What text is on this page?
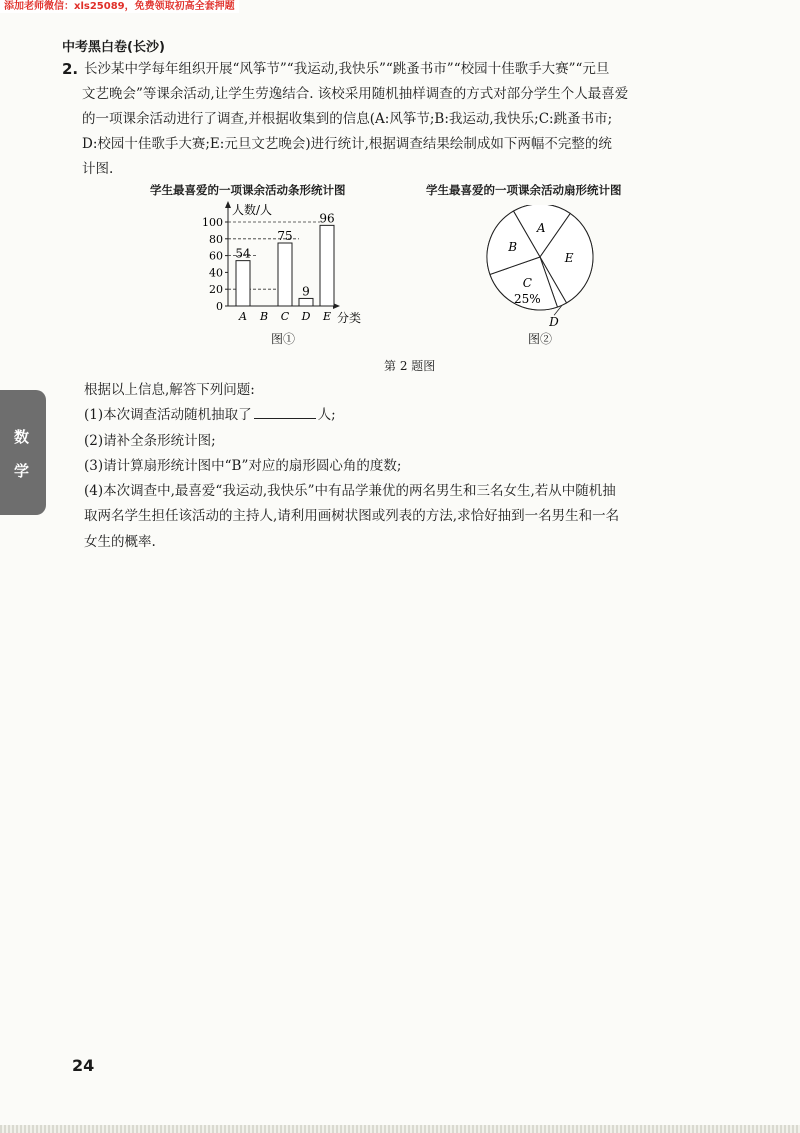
添加老师微信：xls25089，免费领取初高全套押题
中考黑白卷(长沙)
2. 长沙某中学每年组织开展“风筝节”“我运动,我快乐”“跳蚤书市”“校园十佳歌手大赛”“元旦
文艺晚会”等课余活动,让学生劳逸结合. 该校采用随机抽样调查的方式对部分学生个人最喜爱
的一项课余活动进行了调查,并根据收集到的信息(A:风筝节;B:我运动,我快乐;C:跳蚤书市;
D:校园十佳歌手大赛;E:元旦文艺晚会)进行统计,根据调查结果绘制成如下两幅不完整的统
计图.
学生最喜爱的一项课余活动条形统计图	学生最喜爱的一项课余活动扇形统计图
人数/人
分类
0
20
40
60
80
100
54
A B
75
C
9
D
96
E
图①
A
E
D
C
25%
B
图②
第 2 题图
数
学
根据以上信息,解答下列问题:
(1)本次调查活动随机抽取了	人;
(2)请补全条形统计图;
(3)请计算扇形统计图中“B”对应的扇形圆心角的度数;
(4)本次调查中,最喜爱“我运动,我快乐”中有品学兼优的两名男生和三名女生,若从中随机抽
取两名学生担任该活动的主持人,请利用画树状图或列表的方法,求恰好抽到一名男生和一名
女生的概率.
24
